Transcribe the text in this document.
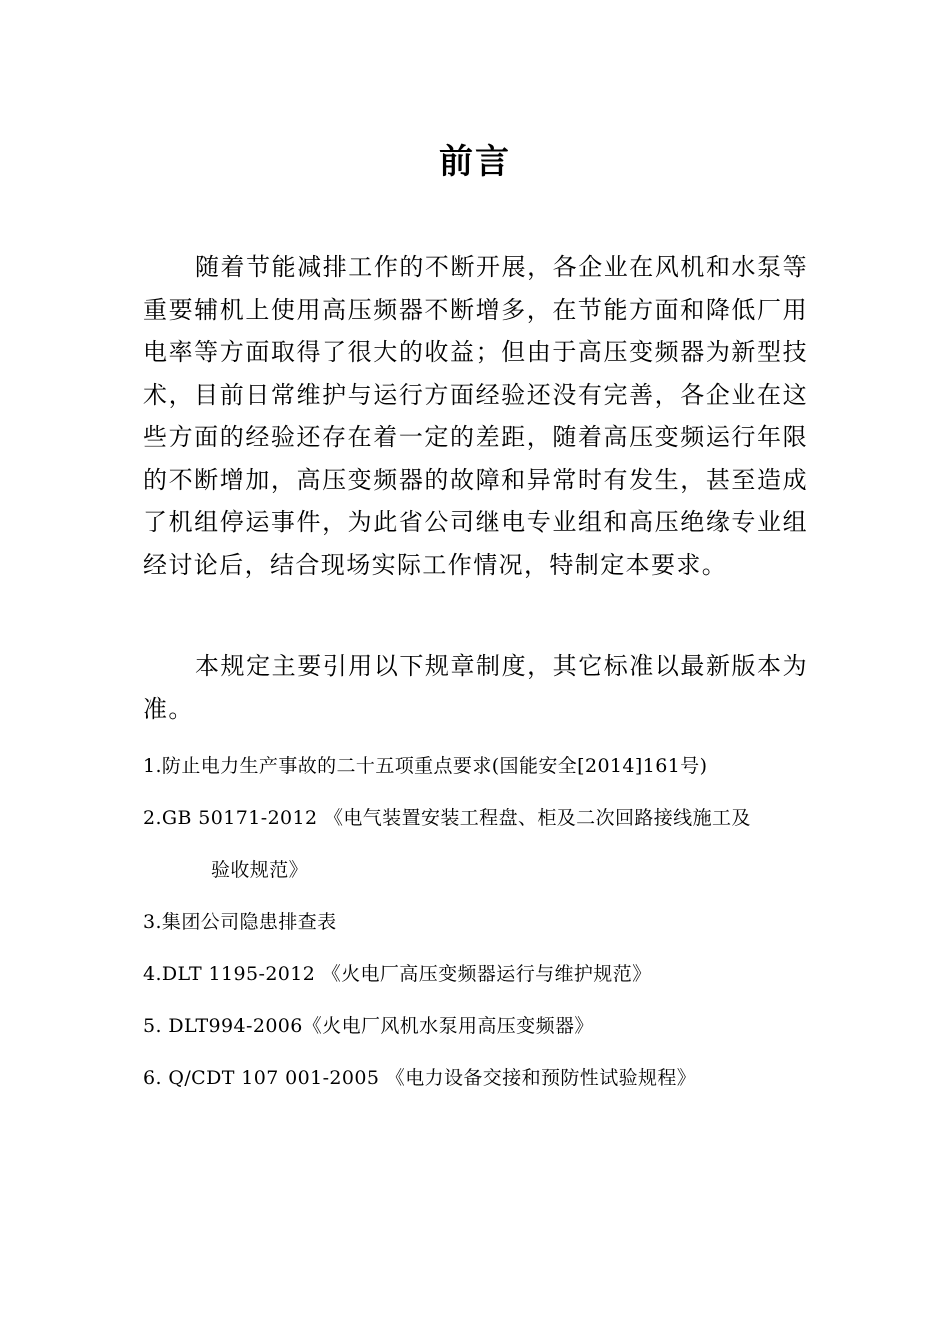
前言

随着节能减排工作的不断开展，各企业在风机和水泵等重要辅机上使用高压频器不断增多，在节能方面和降低厂用电率等方面取得了很大的收益；但由于高压变频器为新型技术，目前日常维护与运行方面经验还没有完善，各企业在这些方面的经验还存在着一定的差距，随着高压变频运行年限的不断增加，高压变频器的故障和异常时有发生，甚至造成了机组停运事件，为此省公司继电专业组和高压绝缘专业组经讨论后，结合现场实际工作情况，特制定本要求。

本规定主要引用以下规章制度，其它标准以最新版本为准。

1.防止电力生产事故的二十五项重点要求(国能安全[2014]161号)
2.GB 50171-2012 《电气装置安装工程盘、柜及二次回路接线施工及
验收规范》
3.集团公司隐患排查表
4.DLT 1195-2012 《火电厂高压变频器运行与维护规范》
5. DLT994-2006《火电厂风机水泵用高压变频器》
6. Q/CDT 107 001-2005 《电力设备交接和预防性试验规程》
